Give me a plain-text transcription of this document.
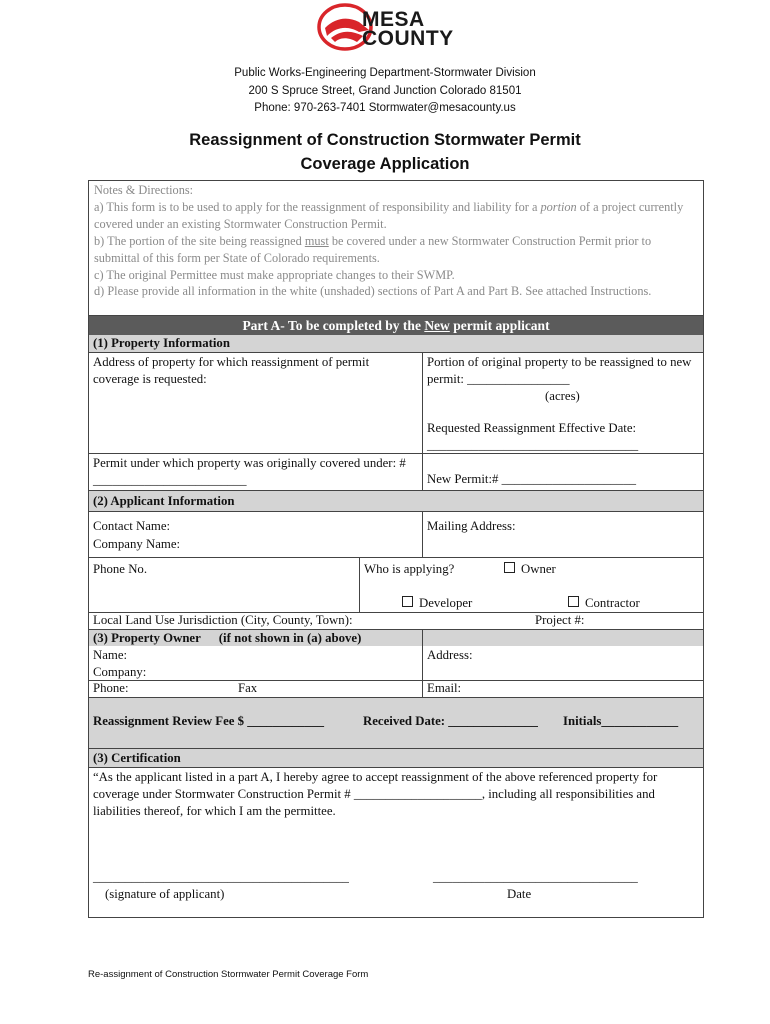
MESA
COUNTY
Public Works-Engineering Department-Stormwater Division
200 S Spruce Street, Grand Junction Colorado 81501
Phone: 970-263-7401 Stormwater@mesacounty.us
Reassignment of Construction Stormwater Permit
Coverage Application

Notes & Directions:

a) This form is to be used to apply for the reassignment of responsibility and liability for a portion of a project currently covered under an existing Stormwater Construction Permit.

b) The portion of the site being reassigned must be covered under a new Stormwater Construction Permit prior to submittal of this form per State of Colorado requirements.

c) The original Permittee must make appropriate changes to their SWMP.

d) Please provide all information in the white (unshaded) sections of Part A and Part B. See attached Instructions.

Part A- To be completed by the New permit applicant
(1) Property Information
Address of property for which reassignment of permit coverage is requested:
Portion of original property to be reassigned to new permit: ________________
(acres)
Requested Reassignment Effective Date:
_________________________________
Permit under which property was originally covered under: # ________________________	New Permit:# _____________________
(2) Applicant Information
Contact Name:
Company Name:
Mailing Address:
Phone No.	Who is applying?	Owner
Developer	Contractor
Local Land Use Jurisdiction (City, County, Town):	Project #:
(3) Property Owner (if not shown in (a) above)
Name:
Company:
Address:
Phone:	Fax	Email:
Reassignment Review Fee $ ____________	Received Date: ______________ Initials____________
(3) Certification
“As the applicant listed in a part A, I hereby agree to accept reassignment of the above referenced property for coverage under Stormwater Construction Permit # ____________________, including all responsibilities and liabilities thereof, for which I am the permittee.
________________________________________
(signature of applicant)
________________________________
Date
Re-assignment of Construction Stormwater Permit Coverage Form
